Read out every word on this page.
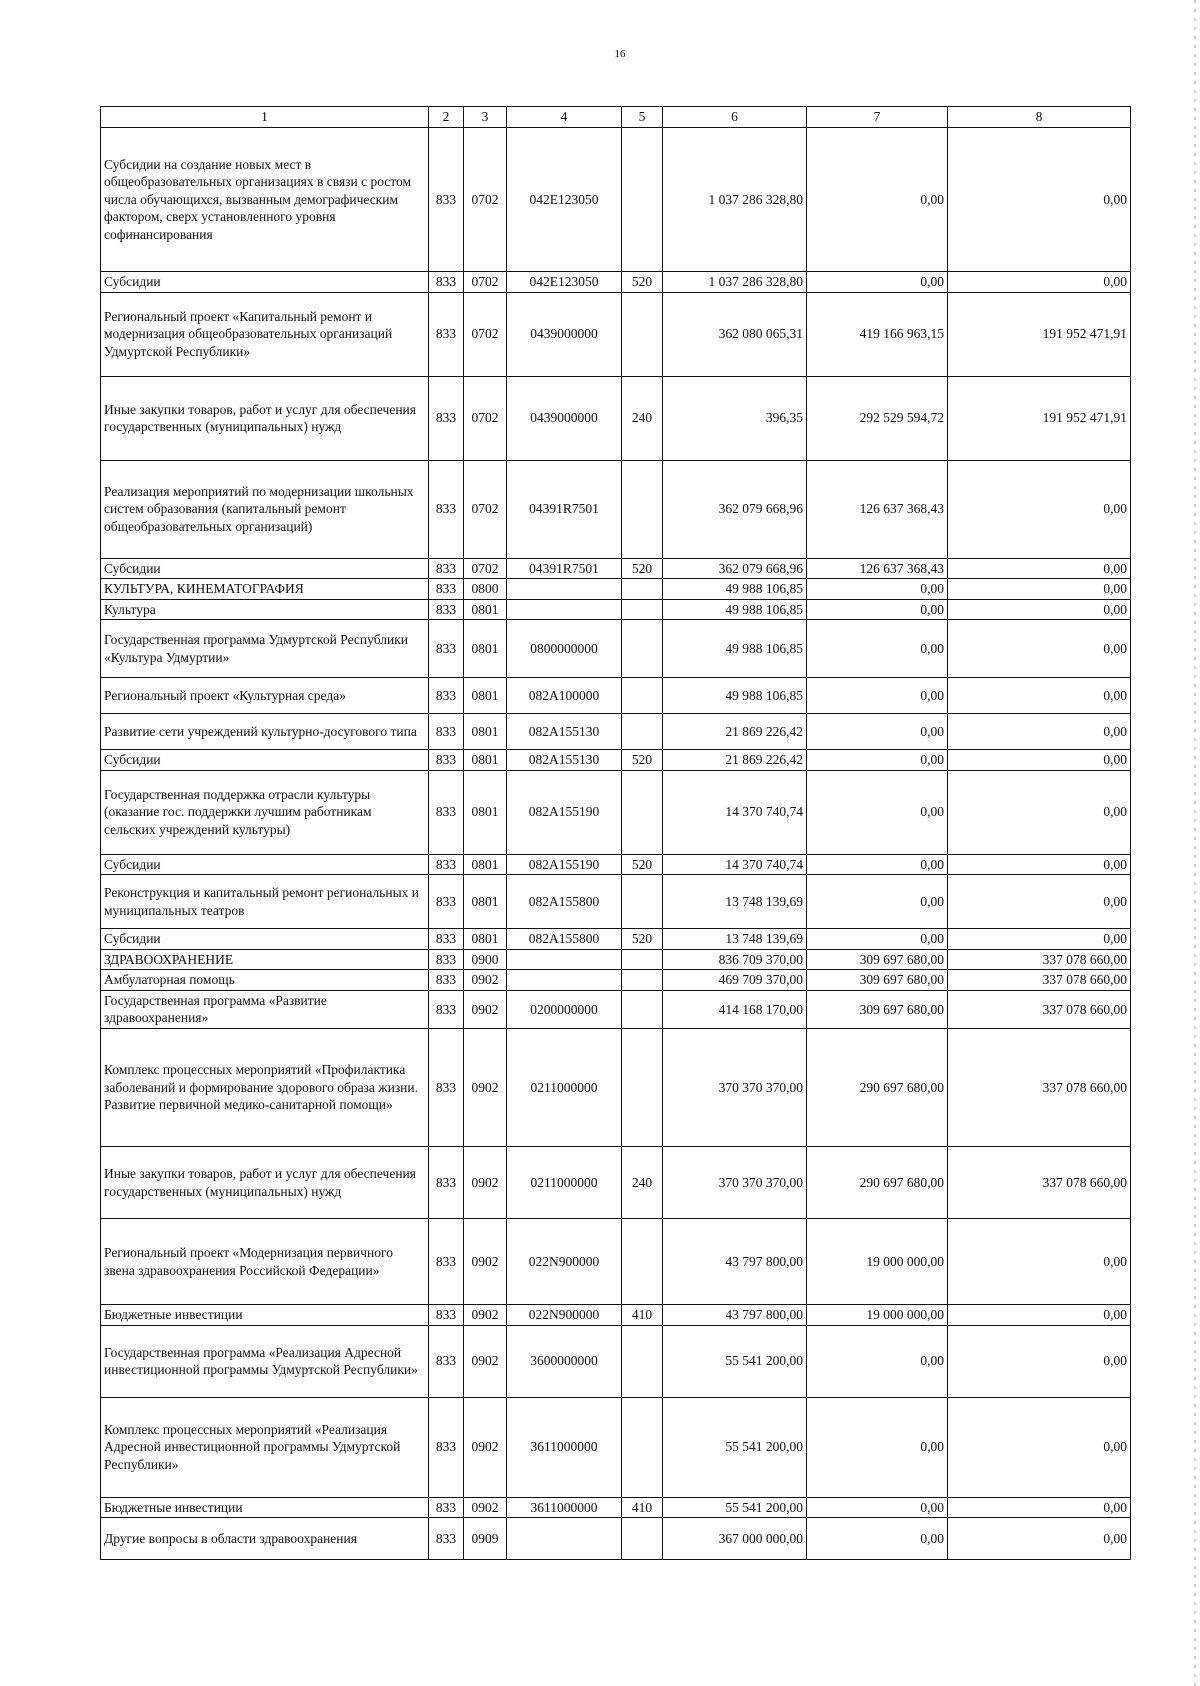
16
1	2	3	4	5	6	7	8
Субсидии на создание новых мест в общеобразовательных организациях в связи с ростом числа обучающихся, вызванным демографическим фактором, сверх установленного уровня софинансирования	833	0702	042E123050		1 037 286 328,80	0,00	0,00
Субсидии	833	0702	042E123050	520	1 037 286 328,80	0,00	0,00
Региональный проект «Капитальный ремонт и модернизация общеобразовательных организаций Удмуртской Республики»	833	0702	0439000000		362 080 065,31	419 166 963,15	191 952 471,91
Иные закупки товаров, работ и услуг для обеспечения государственных (муниципальных) нужд	833	0702	0439000000	240	396,35	292 529 594,72	191 952 471,91
Реализация мероприятий по модернизации школьных систем образования (капитальный ремонт общеобразовательных организаций)	833	0702	04391R7501		362 079 668,96	126 637 368,43	0,00
Субсидии	833	0702	04391R7501	520	362 079 668,96	126 637 368,43	0,00
КУЛЬТУРА, КИНЕМАТОГРАФИЯ	833	0800			49 988 106,85	0,00	0,00
Культура	833	0801			49 988 106,85	0,00	0,00
Государственная программа Удмуртской Республики «Культура Удмуртии»	833	0801	0800000000		49 988 106,85	0,00	0,00
Региональный проект «Культурная среда»	833	0801	082А100000		49 988 106,85	0,00	0,00
Развитие сети учреждений культурно-досугового типа	833	0801	082А155130		21 869 226,42	0,00	0,00
Субсидии	833	0801	082А155130	520	21 869 226,42	0,00	0,00
Государственная поддержка отрасли культуры (оказание гос. поддержки лучшим работникам сельских учреждений культуры)	833	0801	082А155190		14 370 740,74	0,00	0,00
Субсидии	833	0801	082А155190	520	14 370 740,74	0,00	0,00
Реконструкция и капитальный ремонт региональных и муниципальных театров	833	0801	082А155800		13 748 139,69	0,00	0,00
Субсидии	833	0801	082А155800	520	13 748 139,69	0,00	0,00
ЗДРАВООХРАНЕНИЕ	833	0900			836 709 370,00	309 697 680,00	337 078 660,00
Амбулаторная помощь	833	0902			469 709 370,00	309 697 680,00	337 078 660,00
Государственная программа «Развитие здравоохранения»	833	0902	0200000000		414 168 170,00	309 697 680,00	337 078 660,00
Комплекс процессных мероприятий «Профилактика заболеваний и формирование здорового образа жизни. Развитие первичной медико-санитарной помощи»	833	0902	0211000000		370 370 370,00	290 697 680,00	337 078 660,00
Иные закупки товаров, работ и услуг для обеспечения государственных (муниципальных) нужд	833	0902	0211000000	240	370 370 370,00	290 697 680,00	337 078 660,00
Региональный проект «Модернизация первичного звена здравоохранения Российской Федерации»	833	0902	022N900000		43 797 800,00	19 000 000,00	0,00
Бюджетные инвестиции	833	0902	022N900000	410	43 797 800,00	19 000 000,00	0,00
Государственная программа «Реализация Адресной инвестиционной программы Удмуртской Республики»	833	0902	3600000000		55 541 200,00	0,00	0,00
Комплекс процессных мероприятий «Реализация Адресной инвестиционной программы Удмуртской Республики»	833	0902	3611000000		55 541 200,00	0,00	0,00
Бюджетные инвестиции	833	0902	3611000000	410	55 541 200,00	0,00	0,00
Другие вопросы в области здравоохранения	833	0909			367 000 000,00	0,00	0,00
